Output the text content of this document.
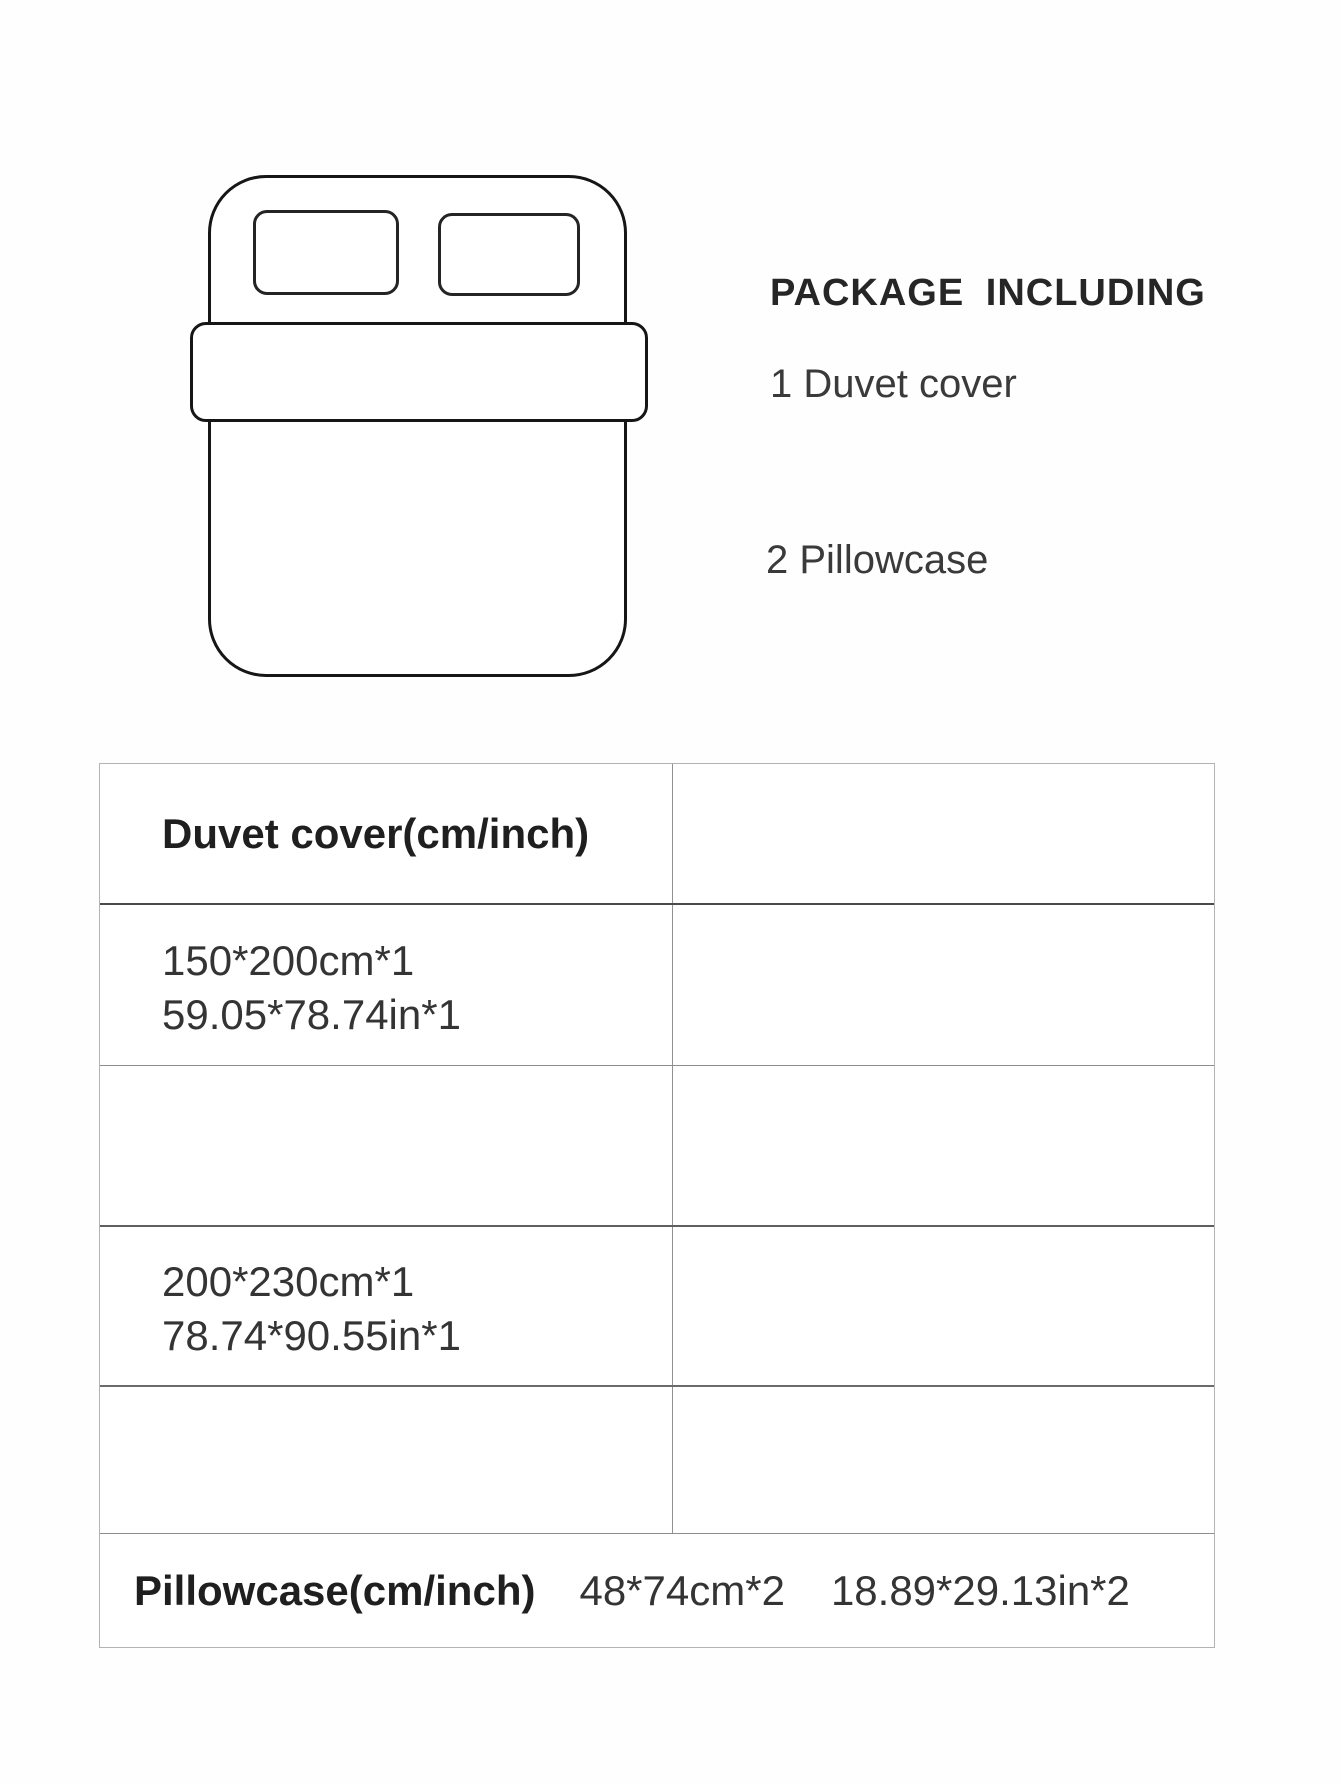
PACKAGE INCLUDING
1 Duvet cover
2 Pillowcase
Duvet cover(cm/inch)
150*200cm*1
59.05*78.74in*1
200*230cm*1
78.74*90.55in*1
Pillowcase(cm/inch) 48*74cm*2 18.89*29.13in*2
